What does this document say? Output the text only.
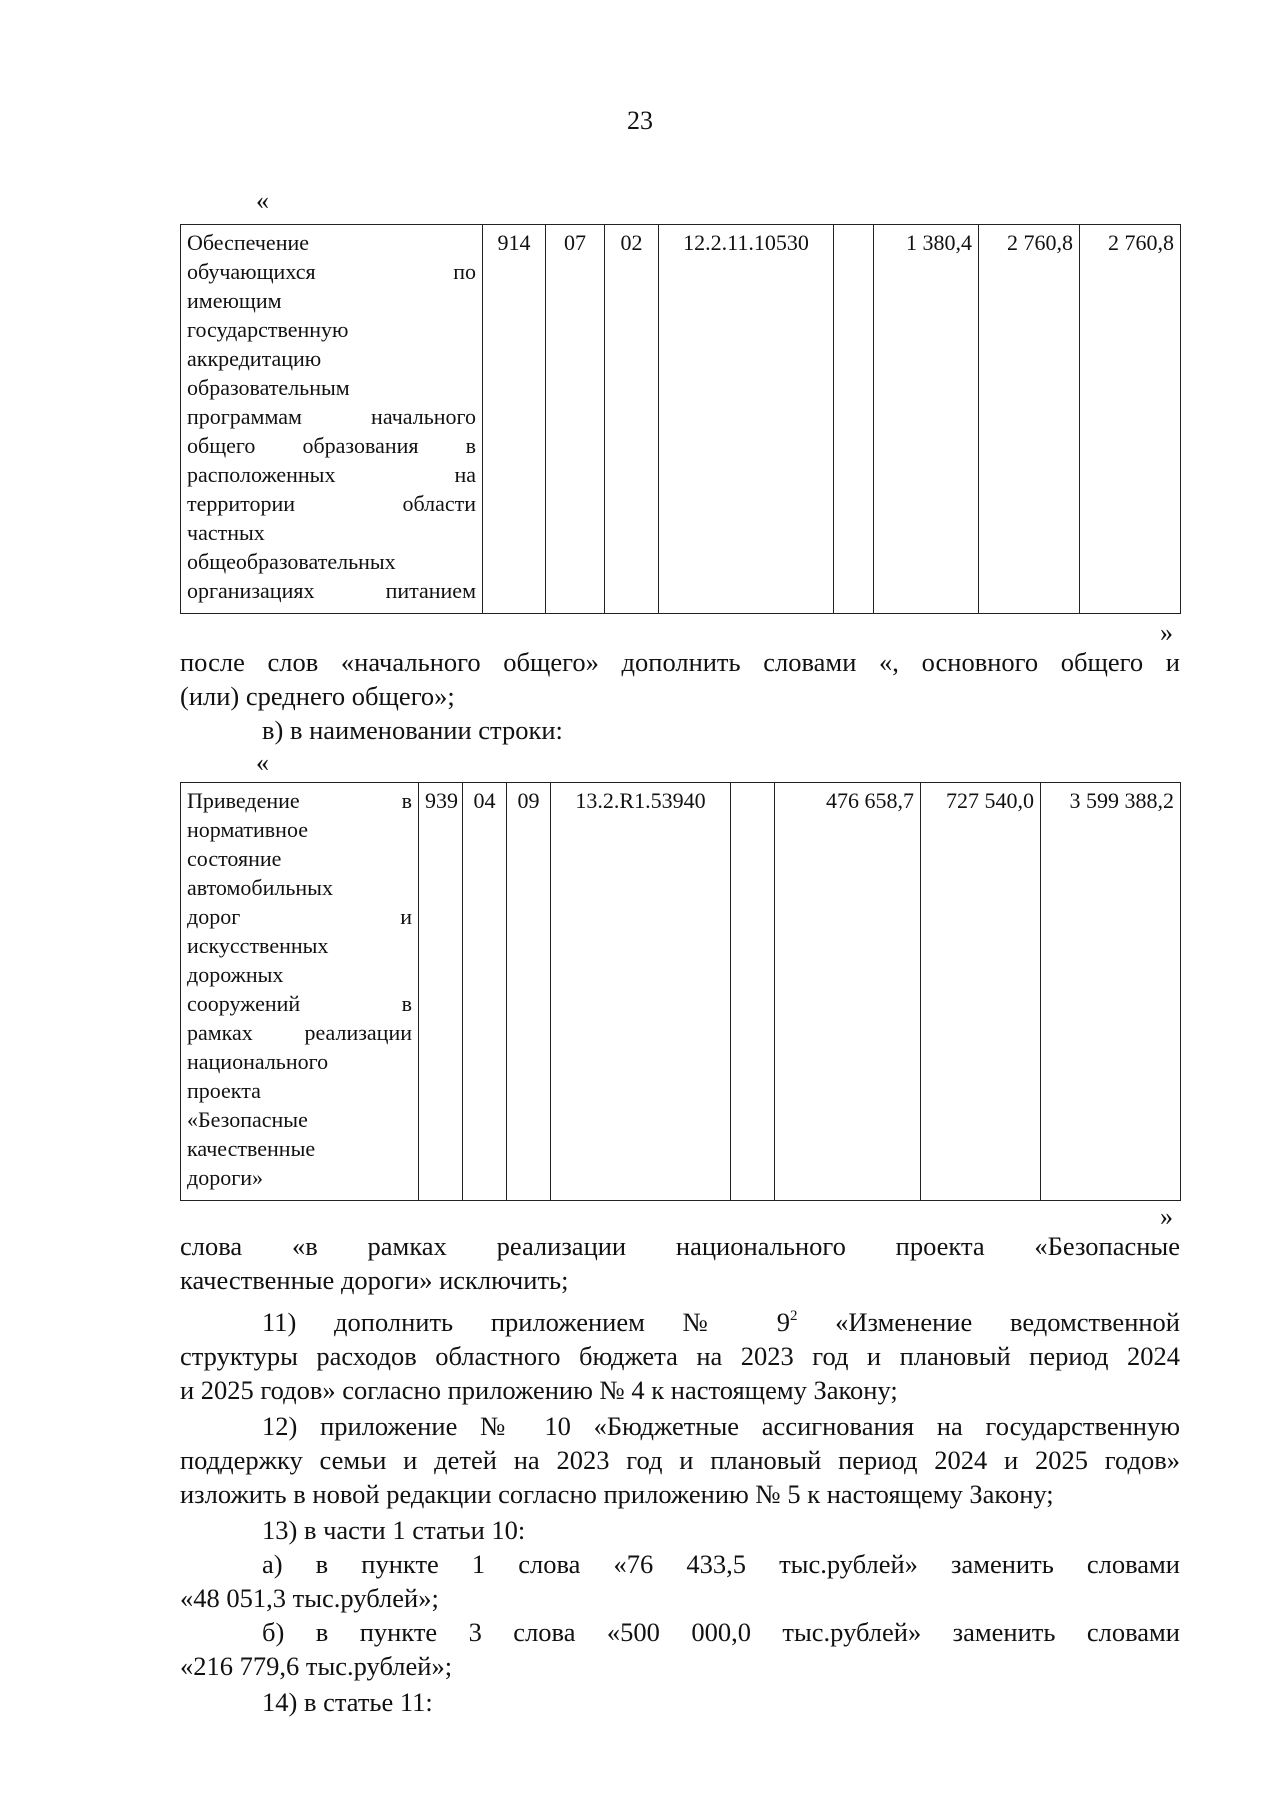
23
«
Обеспечение
обучающихся по
имеющим
государственную
аккредитацию
образовательным
программам начального
общего образования в
расположенных на
территории области
частных
общеобразовательных
организациях питанием
	914	07	02	12.2.11.10530		1 380,4	2 760,8	2 760,8
»
после слов «начального общего» дополнить словами «, основного общего и
(или) среднего общего»;
в) в наименовании строки:
«
Приведение в
нормативное
состояние
автомобильных
дорог и
искусственных
дорожных
сооружений в
рамках реализации
национального
проекта
«Безопасные
качественные
дороги»
	939	04	09	13.2.R1.53940		476 658,7	727 540,0	3 599 388,2
»
слова «в рамках реализации национального проекта «Безопасные
качественные дороги» исключить;
11) дополнить приложением № $9^2$ «Изменение ведомственной
структуры расходов областного бюджета на 2023 год и плановый период 2024
и 2025 годов» согласно приложению № 4 к настоящему Закону;
12) приложение № 10 «Бюджетные ассигнования на государственную
поддержку семьи и детей на 2023 год и плановый период 2024 и 2025 годов»
изложить в новой редакции согласно приложению № 5 к настоящему Закону;
13) в части 1 статьи 10:
а) в пункте 1 слова «76 433,5 тыс.рублей» заменить словами
«48 051,3 тыс.рублей»;
б) в пункте 3 слова «500 000,0 тыс.рублей» заменить словами
«216 779,6 тыс.рублей»;
14) в статье 11:
